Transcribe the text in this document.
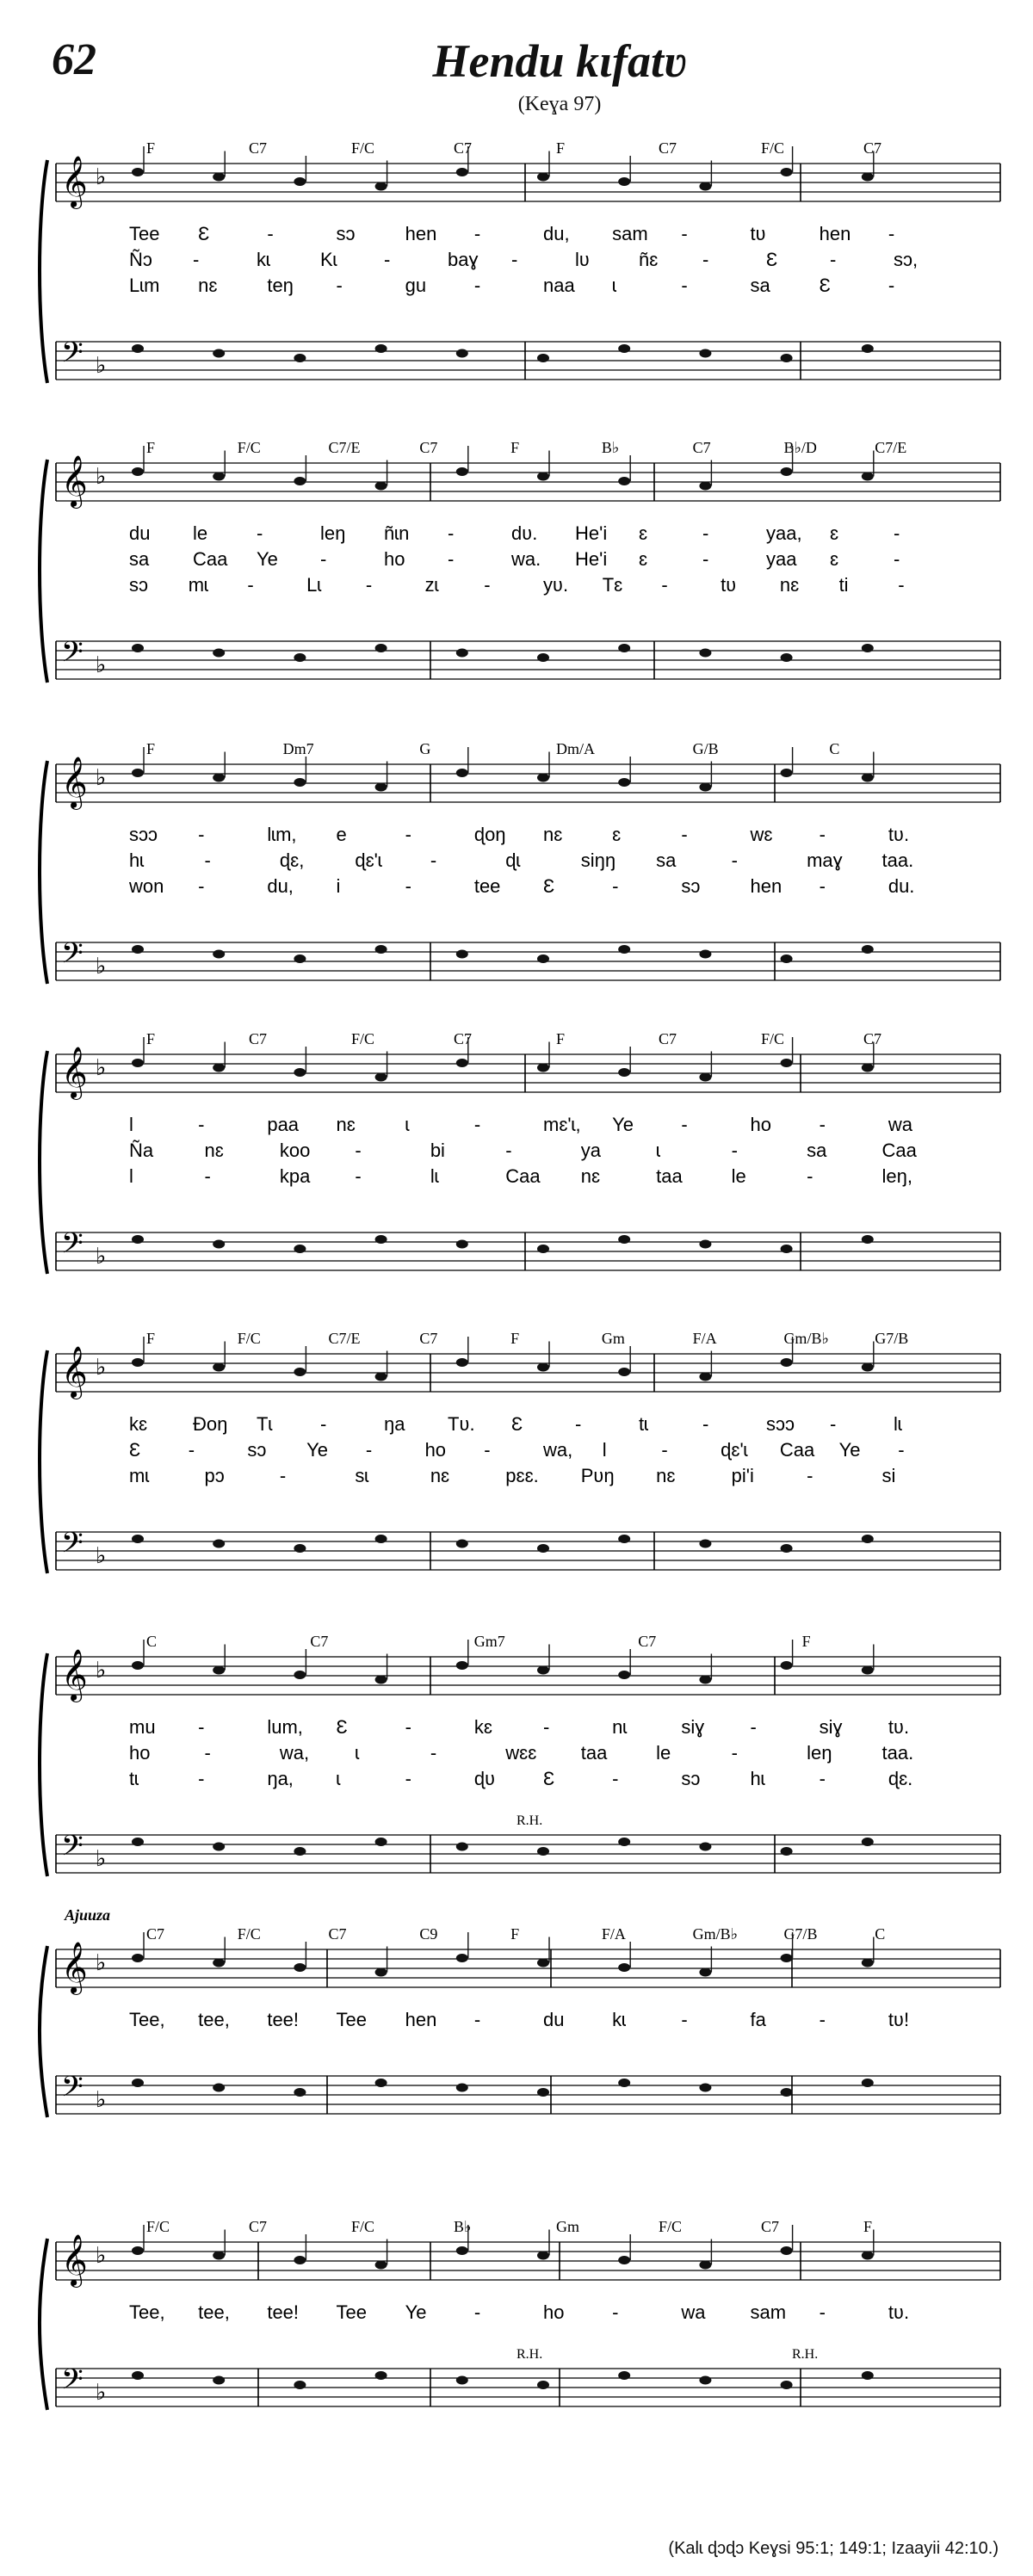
62	Hendu kɩfatʋ
(Keɣa 97)
𝄞 ♭
𝄢 ♭
F	C7	F/C	C7	F	C7	F/C	C7
Tee Ɛ	-	sɔ	hen -	du, sam -	tʋ	hen -
Ñɔ -	kɩ	Kɩ -	baɣ -	lʋ	ñɛ -	Ɛ	-	sɔ,
Lɩm nɛ	teŋ -	gu	-	naa ɩ	-	sa	Ɛ	-
𝄞 ♭
𝄢 ♭
F	F/C	C7/E	C7	F	B♭	C7	B♭/D	C7/E
du le	-	leŋ ñɩn -	dʋ. He'i ɛ	-	yaa, ɛ	-
sa Caa Ye -	ho -	wa. He'i ɛ	-	yaa ɛ	-
sɔ mɩ -	Lɩ -	zɩ -	yʋ. Tɛ -	tʋ nɛ ti	-
𝄞 ♭
𝄢 ♭
F	Dm7	G	Dm/A	G/B	C
sɔɔ -	lɩm, e	-	ɖoŋ nɛ	ɛ	-	wɛ -	tʋ.
hɩ	-	ɖɛ,	ɖɛ'ɩ	-	ɖɩ	siŋŋ sa	-	maɣ taa.
won -	du, i	-	tee Ɛ	-	sɔ	hen -	du.
𝄞 ♭
𝄢 ♭
F	C7	F/C	C7	F	C7	F/C	C7
Ɩ	-	paa nɛ	ɩ	-	mɛ'ɩ, Ye	-	ho	-	wa
Ña	nɛ	koo -	bi	-	ya	ɩ	-	sa	Caa
Ɩ	-	kpa -	lɩ	Caa nɛ	taa	le	-	leŋ,
𝄞 ♭
𝄢 ♭
F	F/C	C7/E	C7	F	Gm	F/A	Gm/B♭	G7/B
kɛ Ɖoŋ Tɩ	-	ŋa Tʋ. Ɛ	-	tɩ	-	sɔɔ -	lɩ
Ɛ	-	sɔ Ye -	ho -	wa, Ɩ	-	ɖɛ'ɩ Caa Ye -
mɩ	pɔ	-	sɩ	nɛ	pɛɛ. Pʋŋ nɛ	pi'i	-	si
𝄞 ♭
𝄢 ♭
C	C7	Gm7	C7	F
mu -	lum, Ɛ	-	kɛ	-	nɩ	siɣ -	siɣ tʋ.
ho	-	wa, ɩ	-	wɛɛ taa	le	-	leŋ	taa.
tɩ	-	ŋa, ɩ	-	ɖʋ	Ɛ	-	sɔ	hɩ	-	ɖɛ.
R.H.
𝄞 ♭
𝄢 ♭
C7	F/C	C7	C9	F	F/A	Gm/B♭	G7/B	C
Tee, tee, tee! Tee hen -	du	kɩ	-	fa	-	tʋ!
Ajuuza
𝄞 ♭
𝄢 ♭
F/C	C7	F/C	B♭	Gm	F/C	C7	F
Tee, tee, tee! Tee Ye	-	ho	-	wa sam -	tʋ.
R.H.	R.H.
(Kalɩ ɖɔɖɔ Keɣsi 95:1; 149:1; Izaayii 42:10.)
